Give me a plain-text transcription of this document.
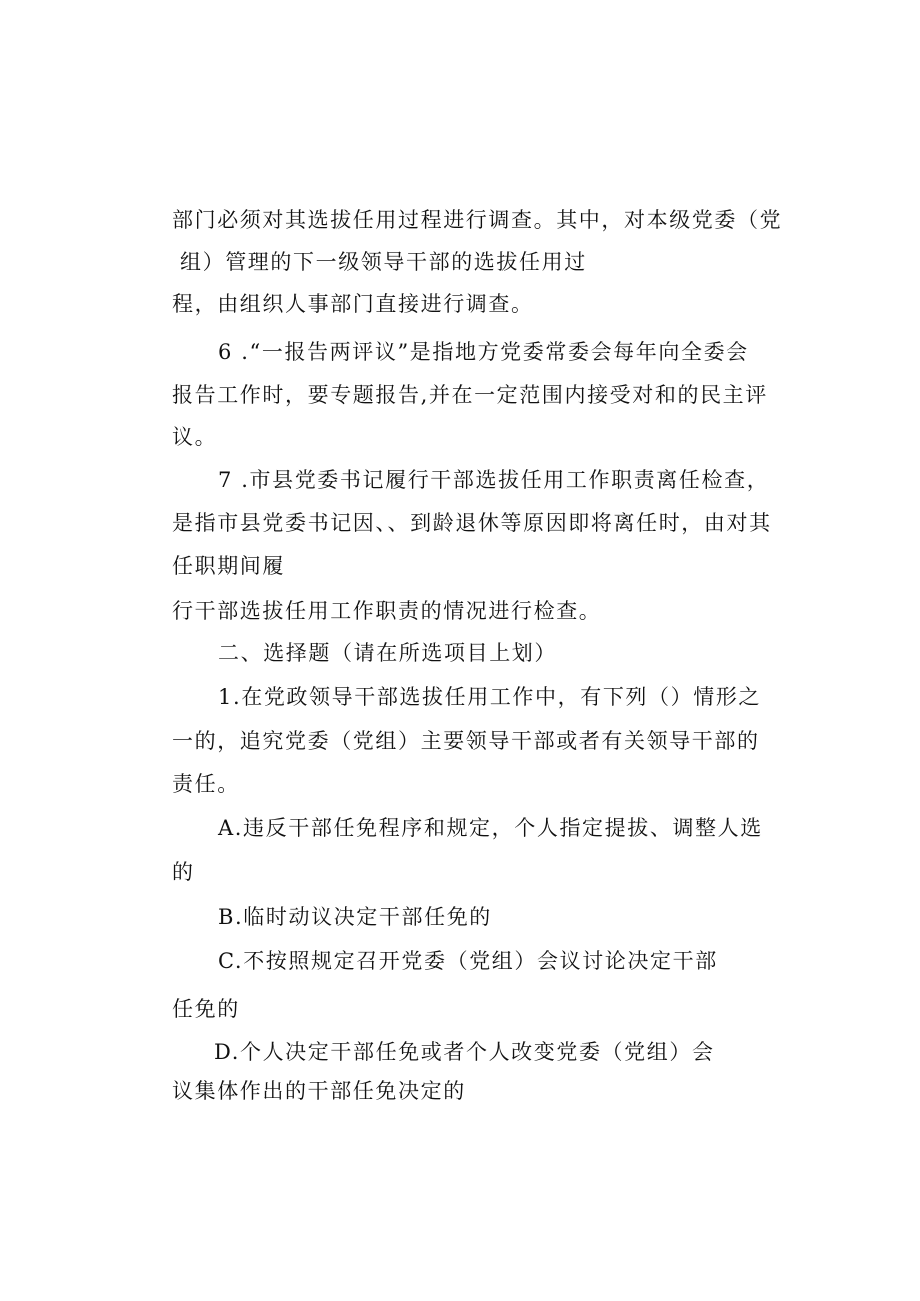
部门必须对其选拔任用过程进行调查。其中，对本级党委（党
组）管理的下一级领导干部的选拔任用过
程，由组织人事部门直接进行调查。
6 .“一报告两评议”是指地方党委常委会每年向全委会
报告工作时，要专题报告,并在一定范围内接受对和的民主评
议。
7 .市县党委书记履行干部选拔任用工作职责离任检查，
是指市县党委书记因、、到龄退休等原因即将离任时，由对其
任职期间履
行干部选拔任用工作职责的情况进行检查。
二、选择题（请在所选项目上划）
1.在党政领导干部选拔任用工作中，有下列（）情形之
一的，追究党委（党组）主要领导干部或者有关领导干部的
责任。
A.违反干部任免程序和规定，个人指定提拔、调整人选
的
B.临时动议决定干部任免的
C.不按照规定召开党委（党组）会议讨论决定干部
任免的
D.个人决定干部任免或者个人改变党委（党组）会
议集体作出的干部任免决定的
